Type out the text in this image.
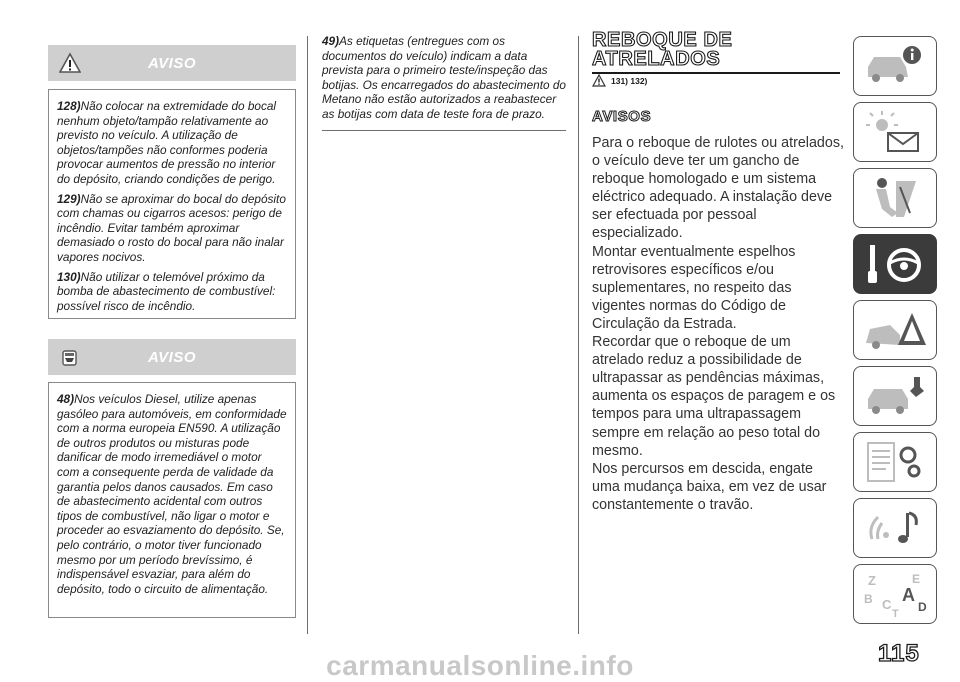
AVISO

128)Não colocar na extremidade do bocal nenhum objeto/tampão relativamente ao previsto no veículo. A utilização de objetos/tampões não conformes poderia provocar aumentos de pressão no interior do depósito, criando condições de perigo.

129)Não se aproximar do bocal do depósito com chamas ou cigarros acesos: perigo de incêndio. Evitar também aproximar demasiado o rosto do bocal para não inalar vapores nocivos.

130)Não utilizar o telemóvel próximo da bomba de abastecimento de combustível: possível risco de incêndio.

AVISO

48)Nos veículos Diesel, utilize apenas gasóleo para automóveis, em conformidade com a norma europeia EN590. A utilização de outros produtos ou misturas pode danificar de modo irremediável o motor com a consequente perda de validade da garantia pelos danos causados. Em caso de abastecimento acidental com outros tipos de combustível, não ligar o motor e proceder ao esvaziamento do depósito. Se, pelo contrário, o motor tiver funcionado mesmo por um período brevíssimo, é indispensável esvaziar, para além do depósito, todo o circuito de alimentação.

49)As etiquetas (entregues com os documentos do veículo) indicam a data prevista para o primeiro teste/inspeção das botijas. Os encarregados do abastecimento do Metano não estão autorizados a reabastecer as botijas com data de teste fora de prazo.
REBOQUE DE
ATRELADOS
131) 132)
AVISOS

Para o reboque de rulotes ou atrelados, o veículo deve ter um gancho de reboque homologado e um sistema eléctrico adequado. A instalação deve ser efectuada por pessoal especializado.

Montar eventualmente espelhos retrovisores específicos e/ou suplementares, no respeito das vigentes normas do Código de Circulação da Estrada.

Recordar que o reboque de um atrelado reduz a possibilidade de ultrapassar as pendências máximas, aumenta os espaços de paragem e os tempos para uma ultrapassagem sempre em relação ao peso total do mesmo.

Nos percursos em descida, engate uma mudança baixa, em vez de usar constantemente o travão.

Z	E
A
B C
T D
115
carmanualsonline.info
